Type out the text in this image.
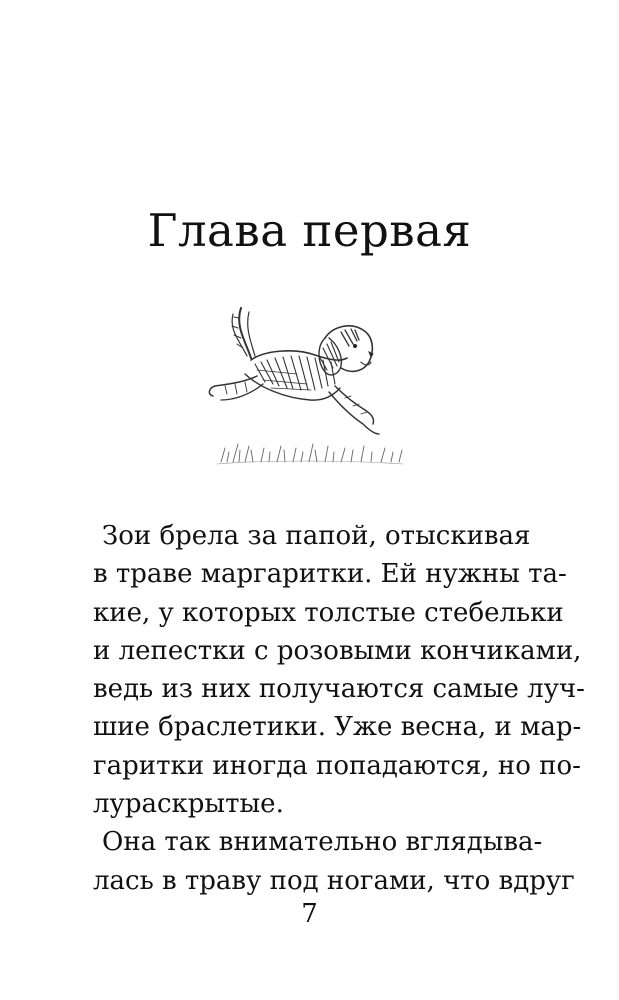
Глава первая

Зои брела за папой, отыскивая
в траве маргаритки. Ей нужны та-
кие, у которых толстые стебельки
и лепестки с розовыми кончиками,
ведь из них получаются самые луч-
шие браслетики. Уже весна, и мар-
гаритки иногда попадаются, но по-
лураскрытые.

Она так внимательно вглядыва-
лась в траву под ногами, что вдруг

7
